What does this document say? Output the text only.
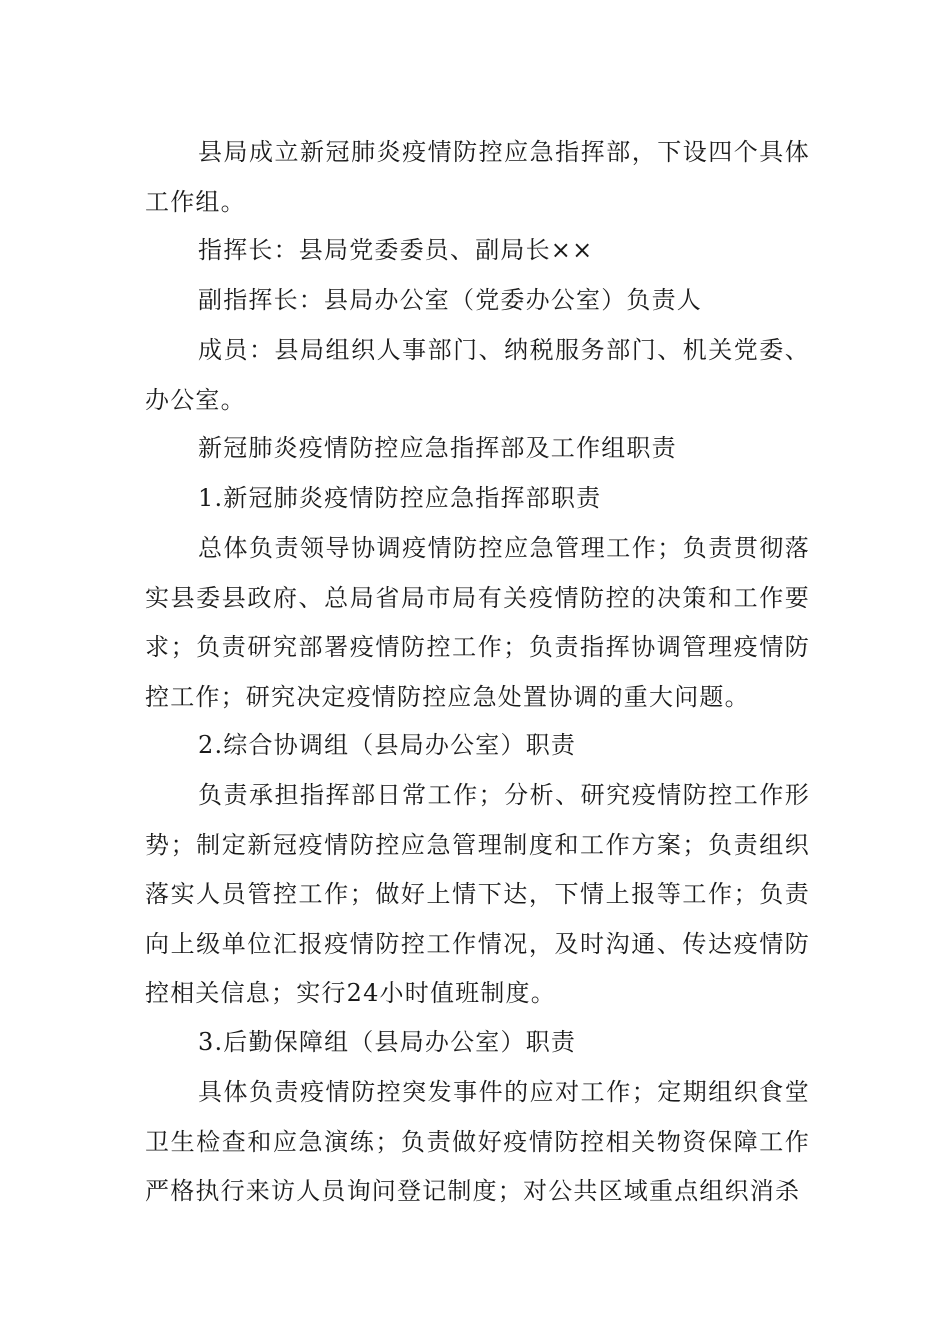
县局成立新冠肺炎疫情防控应急指挥部，下设四个具体工作组。

指挥长：县局党委委员、副局长××

副指挥长：县局办公室（党委办公室）负责人

成员：县局组织人事部门、纳税服务部门、机关党委、办公室。

新冠肺炎疫情防控应急指挥部及工作组职责

1.新冠肺炎疫情防控应急指挥部职责

总体负责领导协调疫情防控应急管理工作；负责贯彻落实县委县政府、总局省局市局有关疫情防控的决策和工作要求；负责研究部署疫情防控工作；负责指挥协调管理疫情防控工作；研究决定疫情防控应急处置协调的重大问题。

2.综合协调组（县局办公室）职责

负责承担指挥部日常工作；分析、研究疫情防控工作形势；制定新冠疫情防控应急管理制度和工作方案；负责组织落实人员管控工作；做好上情下达，下情上报等工作；负责向上级单位汇报疫情防控工作情况，及时沟通、传达疫情防控相关信息；实行24小时值班制度。

3.后勤保障组（县局办公室）职责

具体负责疫情防控突发事件的应对工作；定期组织食堂卫生检查和应急演练；负责做好疫情防控相关物资保障工作严格执行来访人员询问登记制度；对公共区域重点组织消杀
